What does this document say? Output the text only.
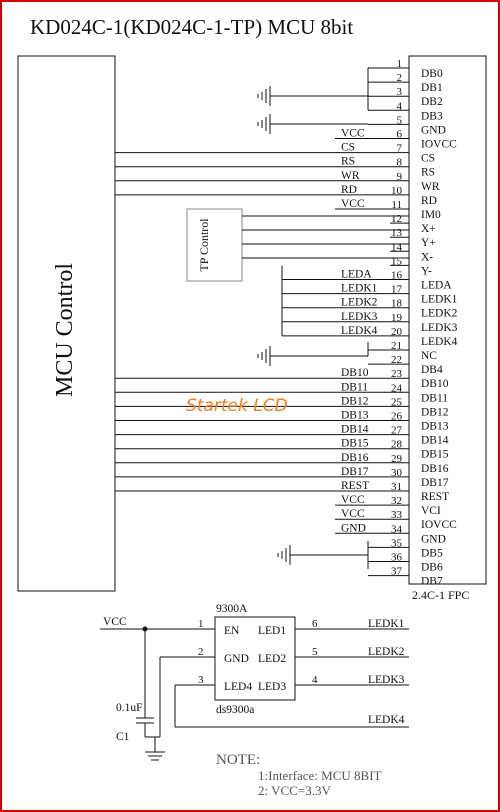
KD024C-1(KD024C-1-TP) MCU 8bit
MCU Control
2.4C-1 FPC
TP Control
1
DB0
2
DB1
3
DB2
4
DB3
5
GND
6
IOVCC
VCC
7
CS
CS
8
RS
RS
9
WR
WR
10
RD
RD
11
IM0
VCC
12
X+
13
Y+
14
X-
15
Y-
16
LEDA
LEDA
17
LEDK1
LEDK1
18
LEDK2
LEDK2
19
LEDK3
LEDK3
20
LEDK4
LEDK4
21
NC
22
DB4
23
DB10
DB10
24
DB11
DB11
25
DB12
DB12
26
DB13
DB13
27
DB14
DB14
28
DB15
DB15
29
DB16
DB16
30
DB17
DB17
31
REST
REST
32
VCI
VCC
33
IOVCC
VCC
34
GND
GND
35
DB5
36
DB6
37
DB7
Startek LCD
9300A
ds9300a
EN
1
GND
2
LED4
3
LED1
6	LEDK1
LED2
5	LEDK2
LED3
4	LEDK3
VCC
LEDK4
0.1uF
C1
NOTE:
1:Interface: MCU 8BIT
2: VCC=3.3V
